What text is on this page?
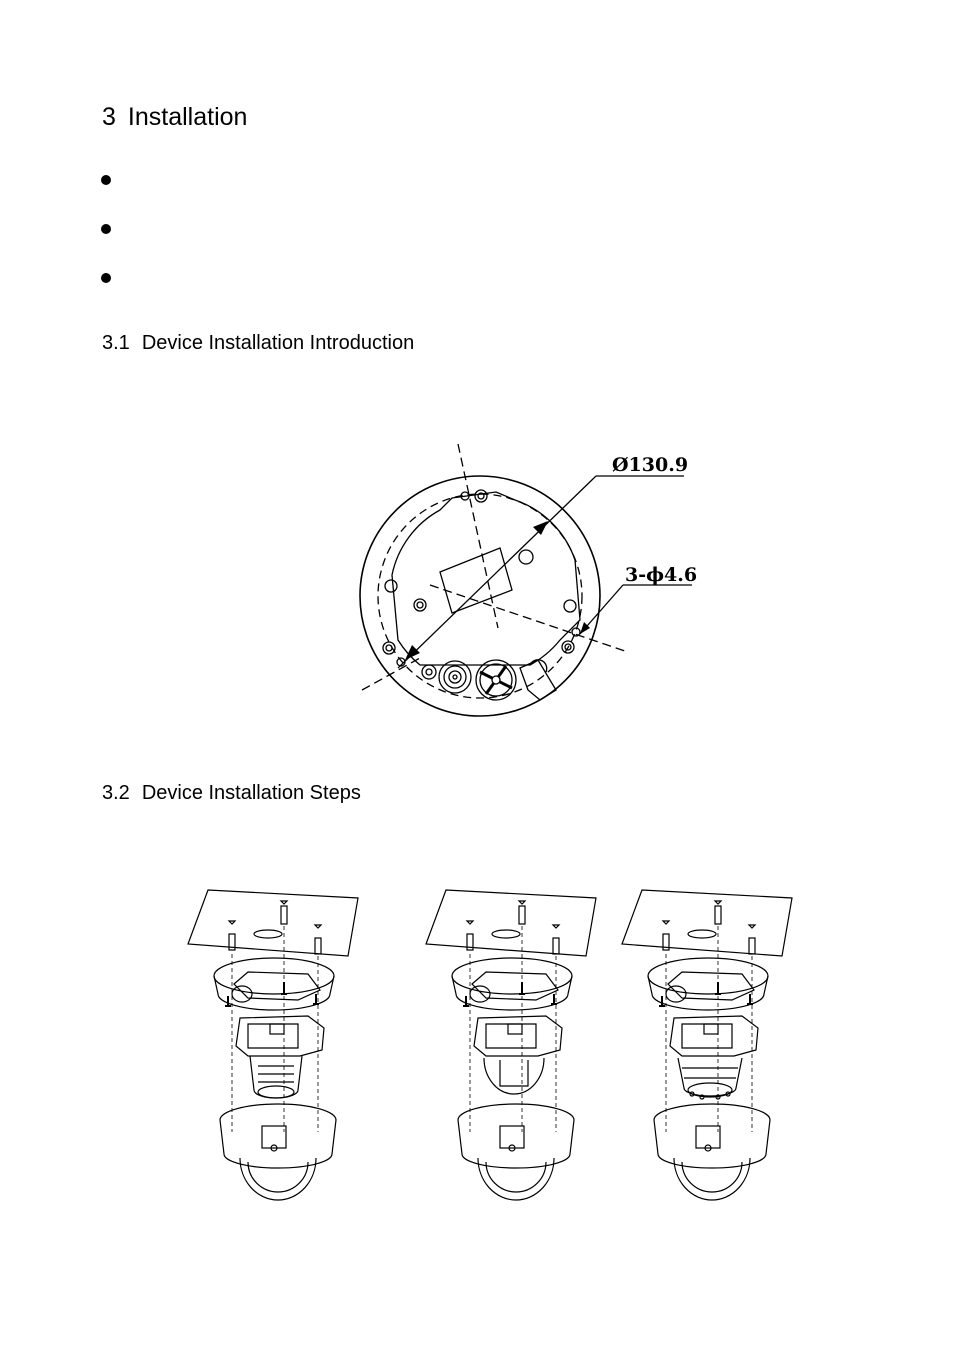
3 Installation
3.1 Device Installation Introduction
Ø130.9
3-ϕ4.6
3.2 Device Installation Steps
